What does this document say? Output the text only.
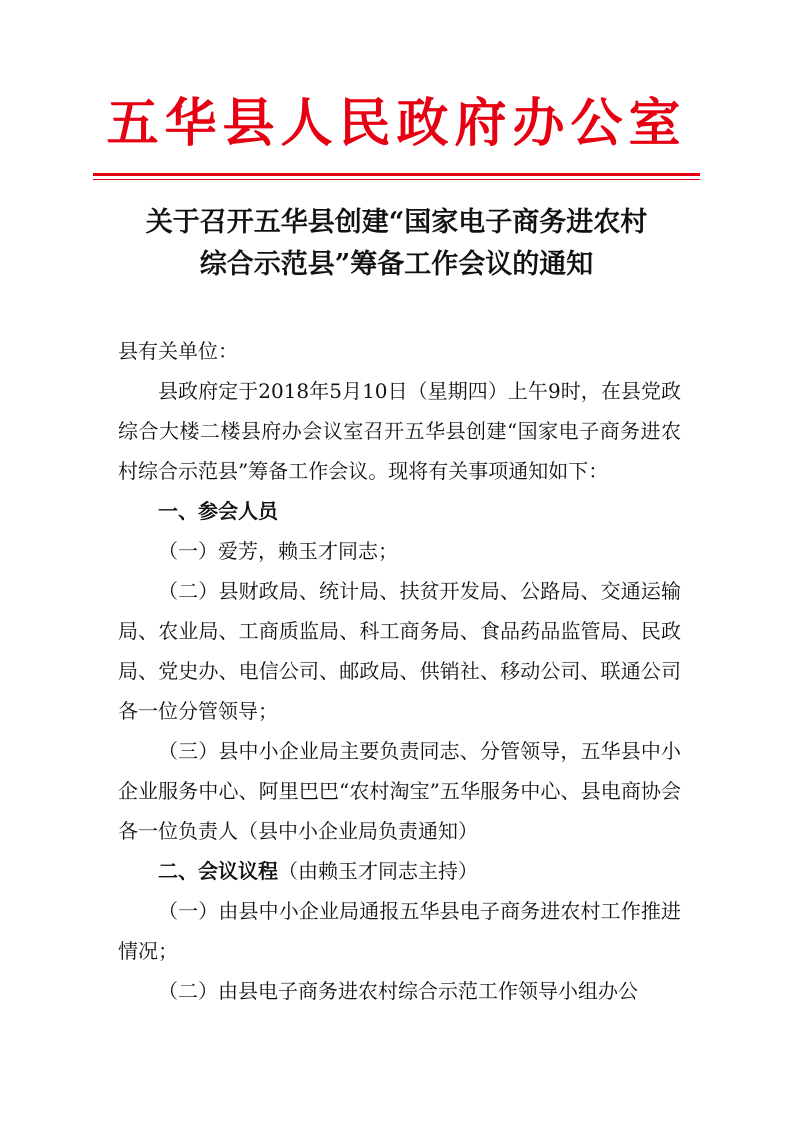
五华县人民政府办公室
关于召开五华县创建“国家电子商务进农村
综合示范县”筹备工作会议的通知

县有关单位：

县政府定于2018年5月10日（星期四）上午9时，在县党政综合大楼二楼县府办会议室召开五华县创建“国家电子商务进农村综合示范县”筹备工作会议。现将有关事项通知如下：

一、参会人员

（一）爱芳，赖玉才同志；

（二）县财政局、统计局、扶贫开发局、公路局、交通运输局、农业局、工商质监局、科工商务局、食品药品监管局、民政局、党史办、电信公司、邮政局、供销社、移动公司、联通公司各一位分管领导；

（三）县中小企业局主要负责同志、分管领导，五华县中小企业服务中心、阿里巴巴“农村淘宝”五华服务中心、县电商协会各一位负责人（县中小企业局负责通知）

二、会议议程（由赖玉才同志主持）

（一）由县中小企业局通报五华县电子商务进农村工作推进情况；

（二）由县电子商务进农村综合示范工作领导小组办公
